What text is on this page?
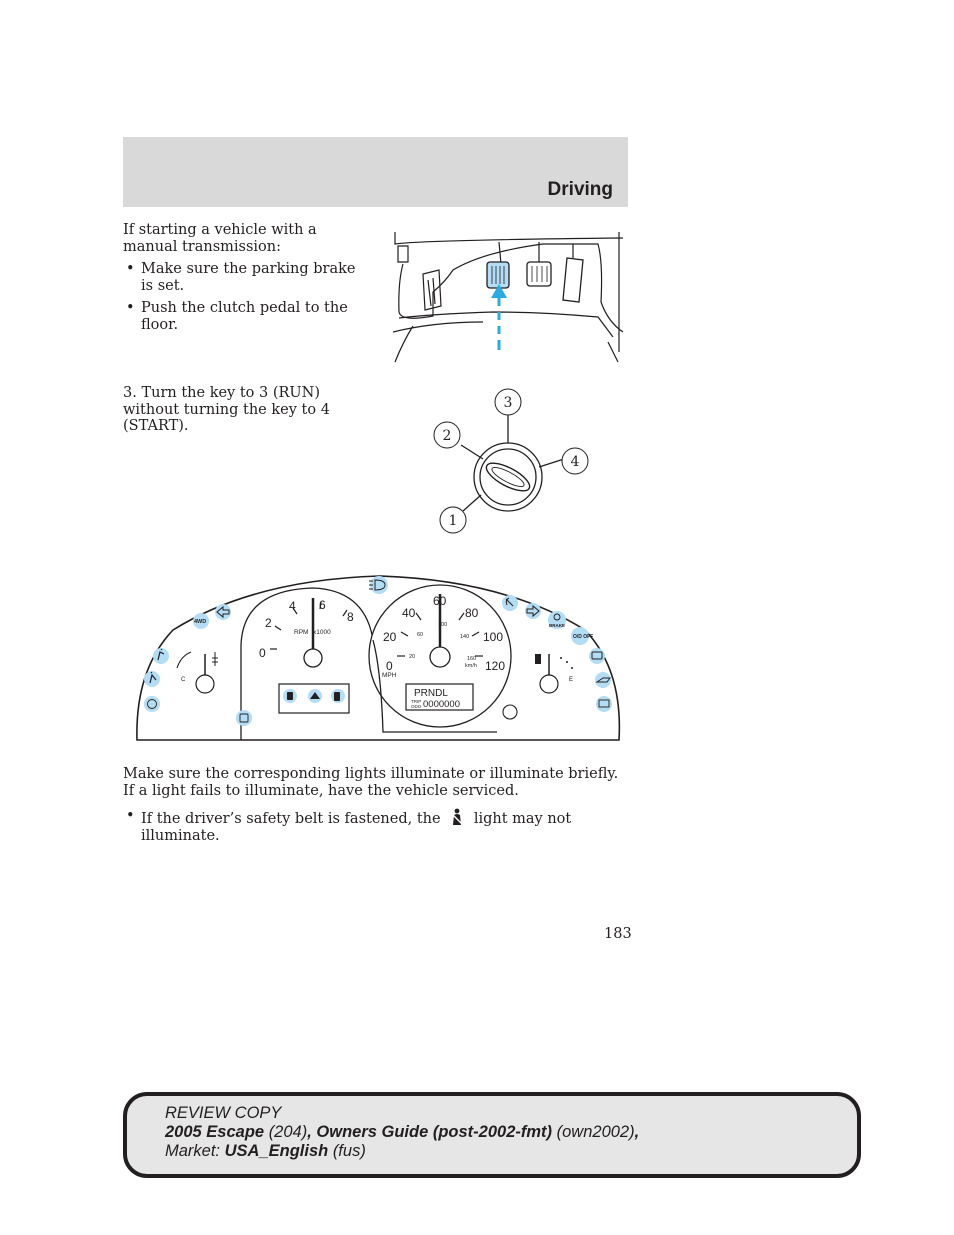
Driving

If starting a vehicle with a manual transmission:

• Make sure the parking brake is set.
• Push the clutch pedal to the floor.
3. Turn the key to 3 (RUN) without turning the key to 4 (START).
3
2
4
1
0
2
4 6
8
RPM x1000
0
20
40
60
80
100
120
20
60
100
140
160
MPH
km/h
PRNDL
TRIP
ODO 0000000
C	E
4WD
BRAKE
O/D OFF

Make sure the corresponding lights illuminate or illuminate briefly. If a light fails to illuminate, have the vehicle serviced.

• If the driver’s safety belt is fastened, the light may not illuminate.
183
REVIEW COPY
2005 Escape (204), Owners Guide (post-2002-fmt) (own2002),
Market: USA_English (fus)
